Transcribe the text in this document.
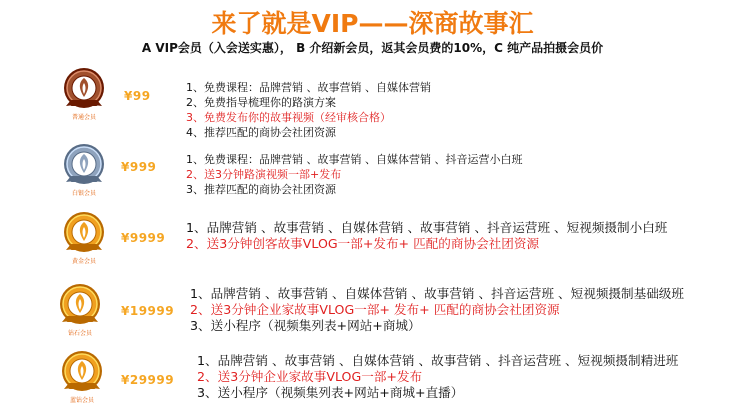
来了就是VIP——深商故事汇
A VIP会员（入会送实惠）， B 介绍新会员，返其会员费的10%，C 纯产品拍摄会员价
普通会员
¥99
1、免费课程：品牌营销 、故事营销 、自媒体营销
2、免费指导梳理你的路演方案
3、免费发布你的故事视频（经审核合格）
4、推荐匹配的商协会社团资源
白银会员
¥999
1、免费课程：品牌营销 、故事营销 、自媒体营销 、抖音运营小白班
2、送3分钟路演视频一部+发布
3、推荐匹配的商协会社团资源
黄金会员
¥9999
1、品牌营销 、故事营销 、自媒体营销 、故事营销 、抖音运营班 、短视频摄制小白班
2、送3分钟创客故事VLOG一部+发布+ 匹配的商协会社团资源
钻石会员
¥19999
1、品牌营销 、故事营销 、自媒体营销 、故事营销 、抖音运营班 、短视频摄制基础级班
2、送3分钟企业家故事VLOG一部+ 发布+ 匹配的商协会社团资源
3、送小程序（视频集列表+网站+商城）
蓝钻会员
¥29999
1、品牌营销 、故事营销 、自媒体营销 、故事营销 、抖音运营班 、短视频摄制精进班
2、送3分钟企业家故事VLOG一部+发布
3、送小程序（视频集列表+网站+商城+直播）
